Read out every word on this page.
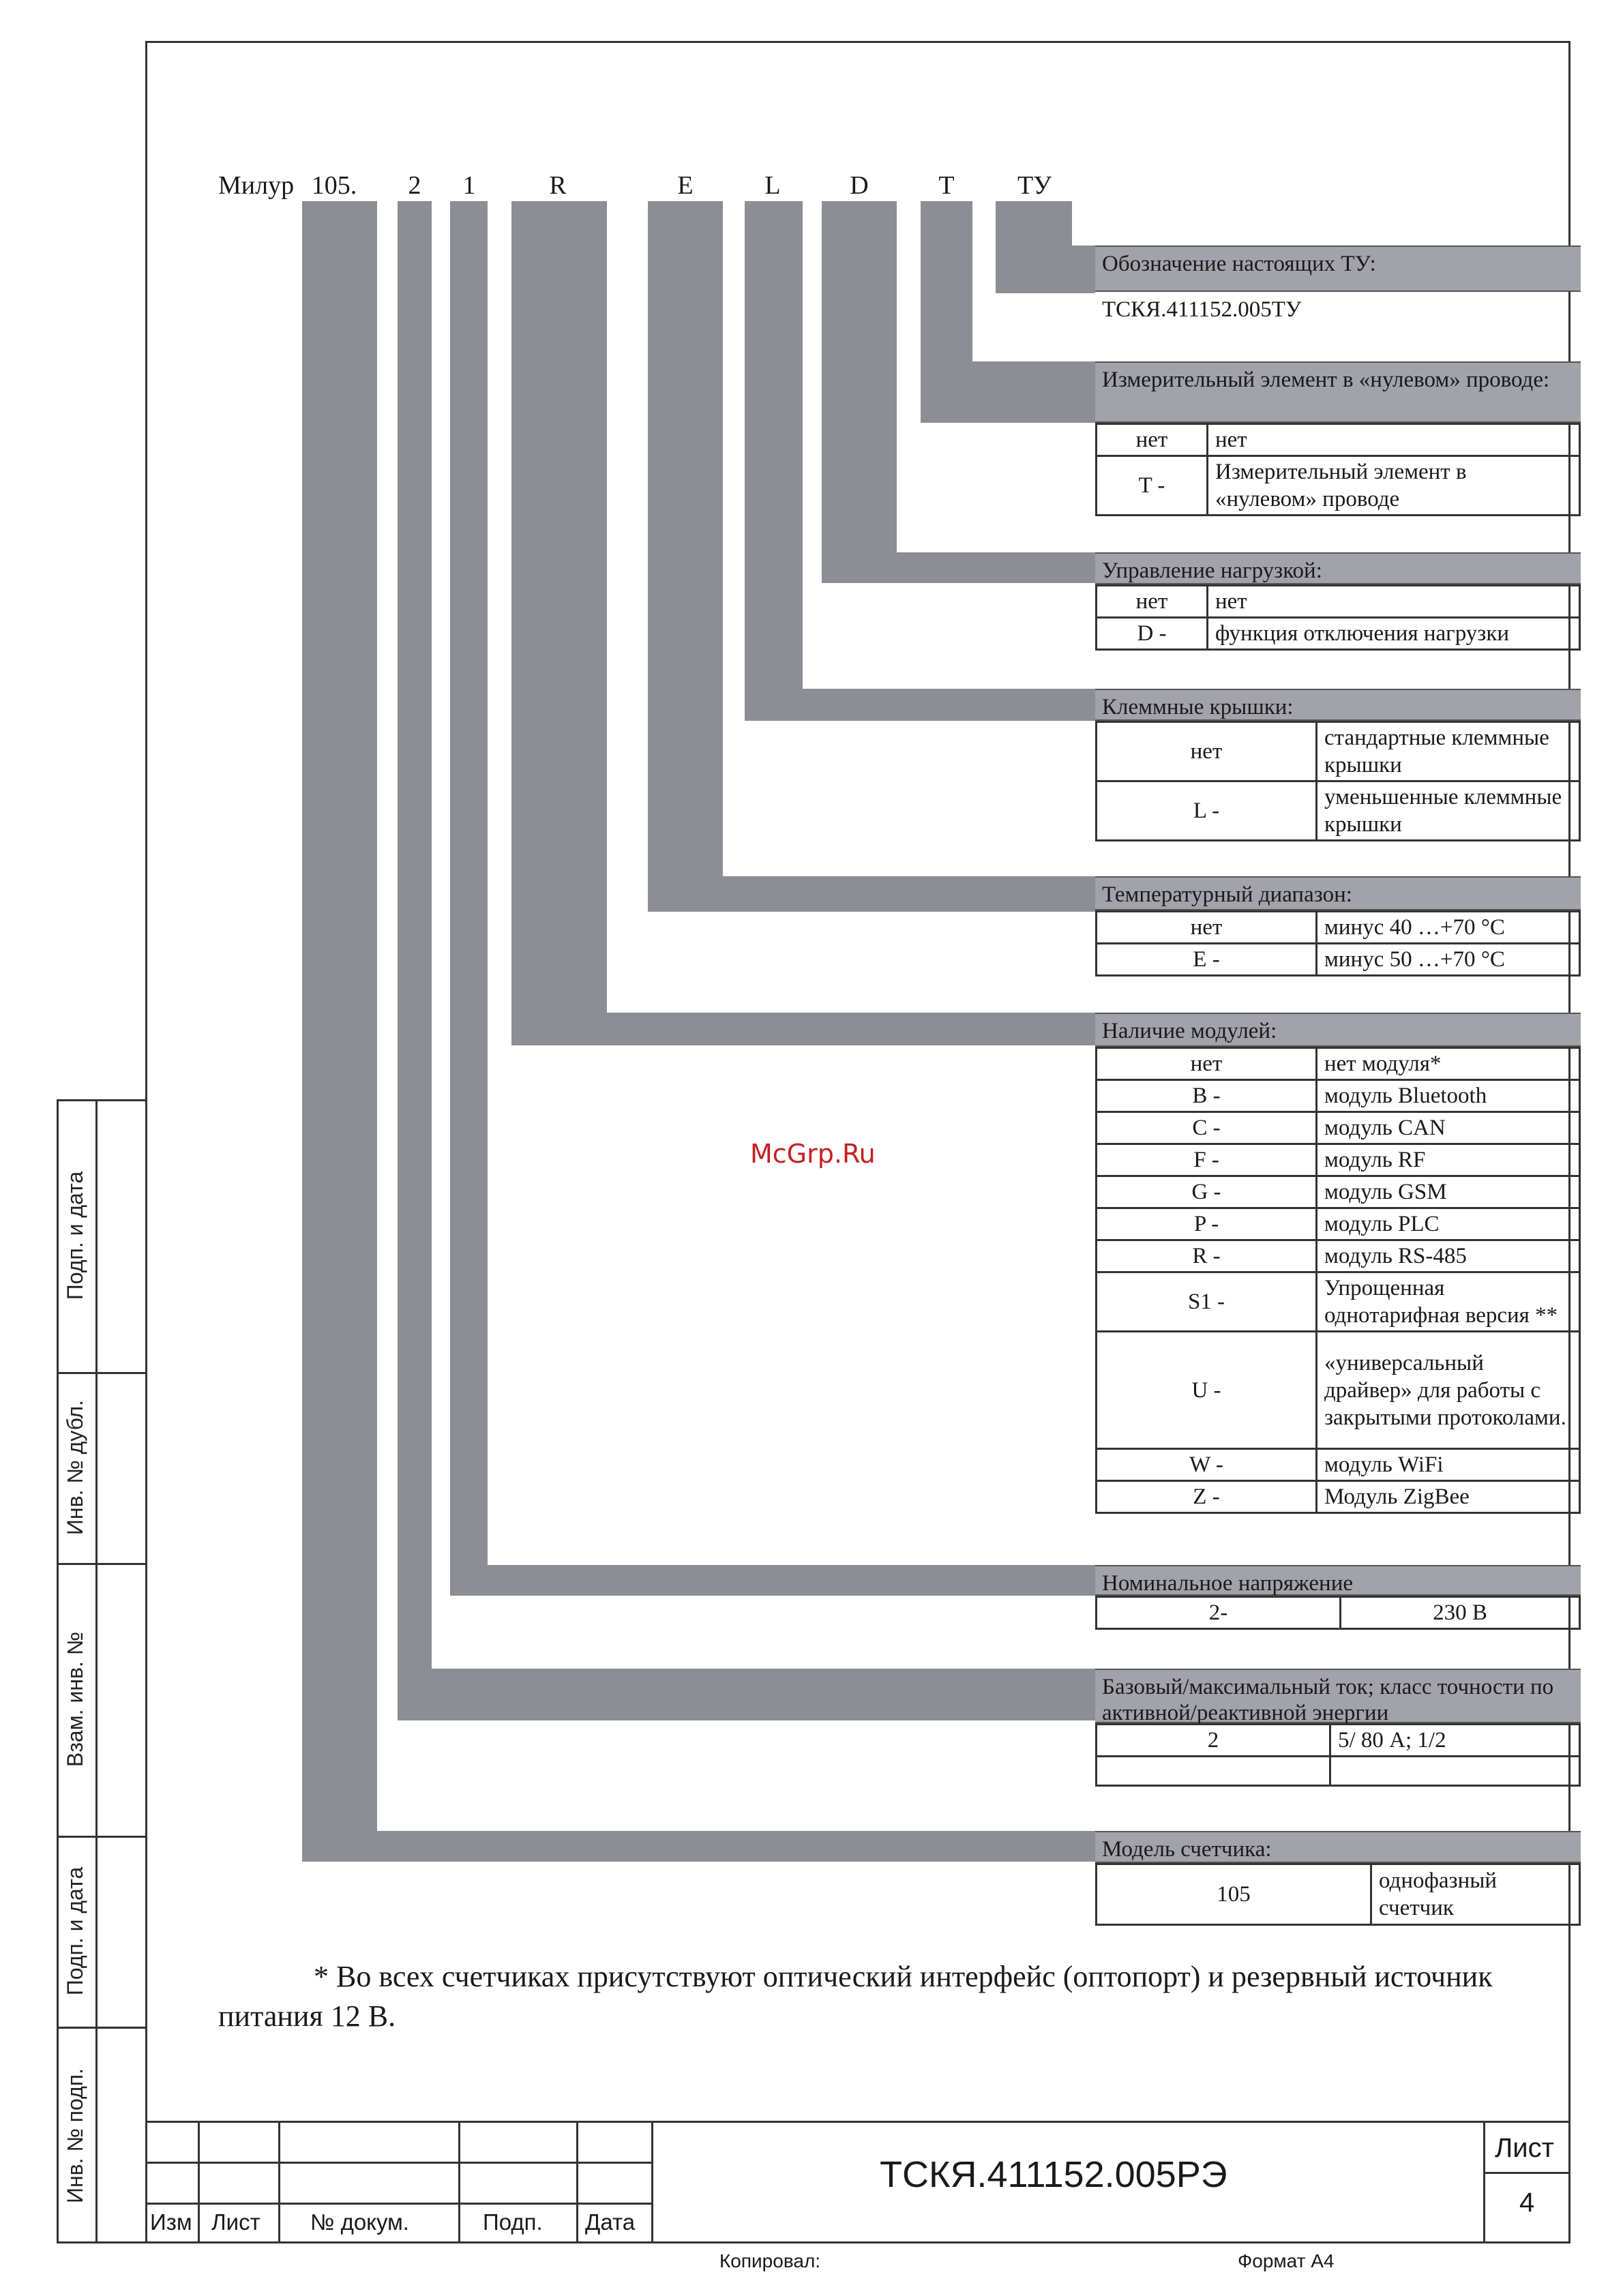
Подп. и дата
Инв. № дубл.
Взам. инв. №
Подп. и дата
Инв. № подп.
Милур 105.	2	1	R	E	L	D	T	ТУ
Обозначение настоящих ТУ:
ТСКЯ.411152.005ТУ
Измерительный элемент в «нулевом» проводе:
нет	нет
T -	Измерительный элемент в «нулевом» проводе
Управление нагрузкой:
нет	нет
D -	функция отключения нагрузки
Клеммные крышки:
нет	стандартные клеммные крышки
L -	уменьшенные клеммные крышки
Температурный диапазон:
нет	минус 40 …+70 °С
E -	минус 50 …+70 °С
Наличие модулей:
нет	нет модуля*
B -	модуль Bluetooth
C -	модуль CAN
F -	модуль RF
G -	модуль GSM
P -	модуль PLC
R -	модуль RS-485
S1 -	Упрощенная однотарифная версия **
U -	«универсальный драйвер» для работы с закрытыми протоколами.
W -	модуль WiFi
Z -	Модуль ZigBee
Номинальное напряжение
2-	230 В
Базовый/максимальный ток; класс точности по активной/реактивной энергии
2	5/ 80 А; 1/2

Модель счетчика:
105	однофазный счетчик
McGrp.Ru
* Во всех счетчиках присутствуют оптический интерфейс (оптопорт) и резервный источник питания 12 В.
Изм Лист № докум.	Подп. Дата
ТСКЯ.411152.005РЭ
Лист
4
Копировал:	Формат А4
